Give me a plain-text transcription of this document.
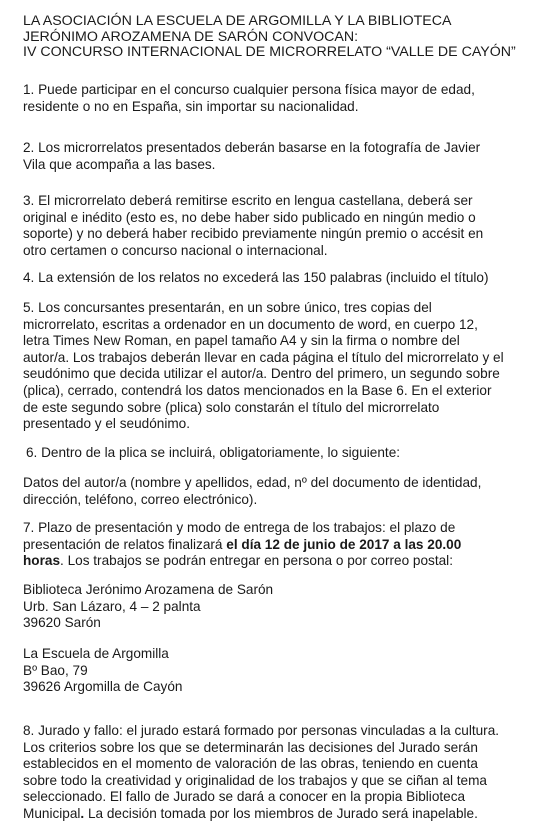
LA ASOCIACIÓN LA ESCUELA DE ARGOMILLA Y LA BIBLIOTECA
JERÓNIMO AROZAMENA DE SARÓN CONVOCAN:
IV CONCURSO INTERNACIONAL DE MICRORRELATO “VALLE DE CAYÓN”
1. Puede participar en el concurso cualquier persona física mayor de edad,
residente o no en España, sin importar su nacionalidad.
2. Los microrrelatos presentados deberán basarse en la fotografía de Javier
Vila que acompaña a las bases.
3. El microrrelato deberá remitirse escrito en lengua castellana, deberá ser
original e inédito (esto es, no debe haber sido publicado en ningún medio o
soporte) y no deberá haber recibido previamente ningún premio o accésit en
otro certamen o concurso nacional o internacional.
4. La extensión de los relatos no excederá las 150 palabras (incluido el título)
5. Los concursantes presentarán, en un sobre único, tres copias del
microrrelato, escritas a ordenador en un documento de word, en cuerpo 12,
letra Times New Roman, en papel tamaño A4 y sin la firma o nombre del
autor/a. Los trabajos deberán llevar en cada página el título del microrrelato y el
seudónimo que decida utilizar el autor/a. Dentro del primero, un segundo sobre
(plica), cerrado, contendrá los datos mencionados en la Base 6. En el exterior
de este segundo sobre (plica) solo constarán el título del microrrelato
presentado y el seudónimo.
6. Dentro de la plica se incluirá, obligatoriamente, lo siguiente:
Datos del autor/a (nombre y apellidos, edad, nº del documento de identidad,
dirección, teléfono, correo electrónico).
7. Plazo de presentación y modo de entrega de los trabajos: el plazo de
presentación de relatos finalizará el día 12 de junio de 2017 a las 20.00
horas. Los trabajos se podrán entregar en persona o por correo postal:
Biblioteca Jerónimo Arozamena de Sarón
Urb. San Lázaro, 4 – 2 palnta
39620 Sarón
La Escuela de Argomilla
Bº Bao, 79
39626 Argomilla de Cayón
8. Jurado y fallo: el jurado estará formado por personas vinculadas a la cultura.
Los criterios sobre los que se determinarán las decisiones del Jurado serán
establecidos en el momento de valoración de las obras, teniendo en cuenta
sobre todo la creatividad y originalidad de los trabajos y que se ciñan al tema
seleccionado. El fallo de Jurado se dará a conocer en la propia Biblioteca
Municipal. La decisión tomada por los miembros de Jurado será inapelable.
